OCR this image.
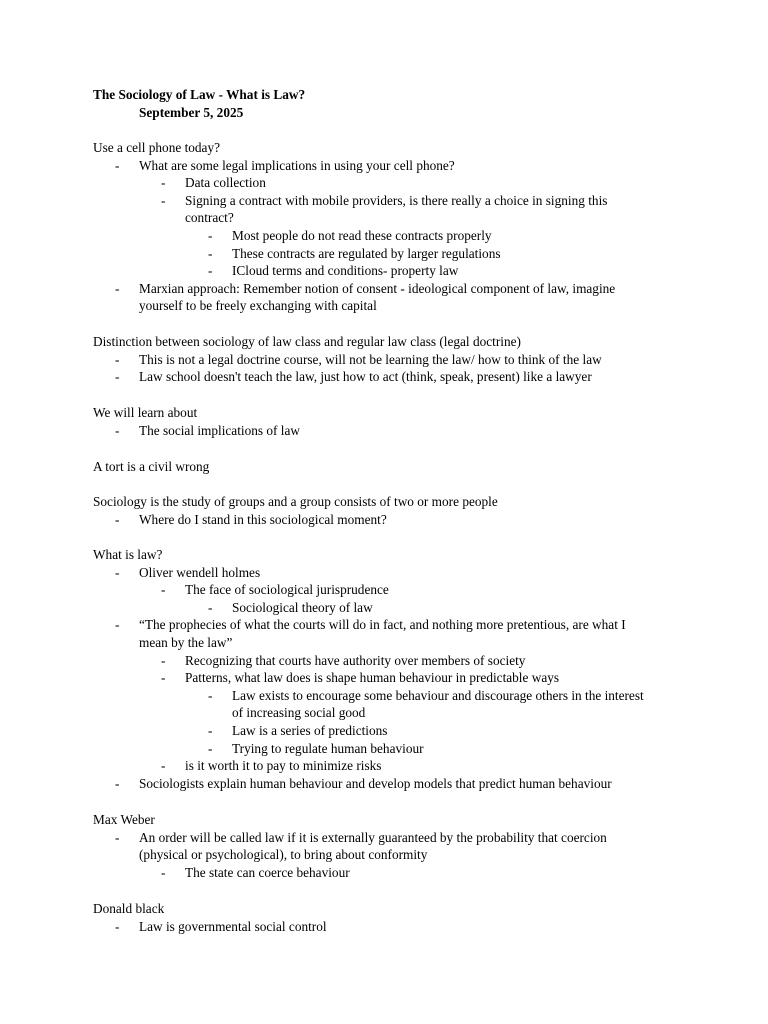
The Sociology of Law - What is Law?
September 5, 2025
Use a cell phone today?
- What are some legal implications in using your cell phone?
- Data collection
- Signing a contract with mobile providers, is there really a choice in signing this
contract?
- Most people do not read these contracts properly
- These contracts are regulated by larger regulations
- ICloud terms and conditions- property law
- Marxian approach: Remember notion of consent - ideological component of law, imagine
yourself to be freely exchanging with capital
Distinction between sociology of law class and regular law class (legal doctrine)
- This is not a legal doctrine course, will not be learning the law/ how to think of the law
- Law school doesn't teach the law, just how to act (think, speak, present) like a lawyer
We will learn about
- The social implications of law
A tort is a civil wrong
Sociology is the study of groups and a group consists of two or more people
- Where do I stand in this sociological moment?
What is law?
- Oliver wendell holmes
- The face of sociological jurisprudence
- Sociological theory of law
- “The prophecies of what the courts will do in fact, and nothing more pretentious, are what I
mean by the law”
- Recognizing that courts have authority over members of society
- Patterns, what law does is shape human behaviour in predictable ways
- Law exists to encourage some behaviour and discourage others in the interest
of increasing social good
- Law is a series of predictions
- Trying to regulate human behaviour
- is it worth it to pay to minimize risks
- Sociologists explain human behaviour and develop models that predict human behaviour
Max Weber
- An order will be called law if it is externally guaranteed by the probability that coercion
(physical or psychological), to bring about conformity
- The state can coerce behaviour
Donald black
- Law is governmental social control
